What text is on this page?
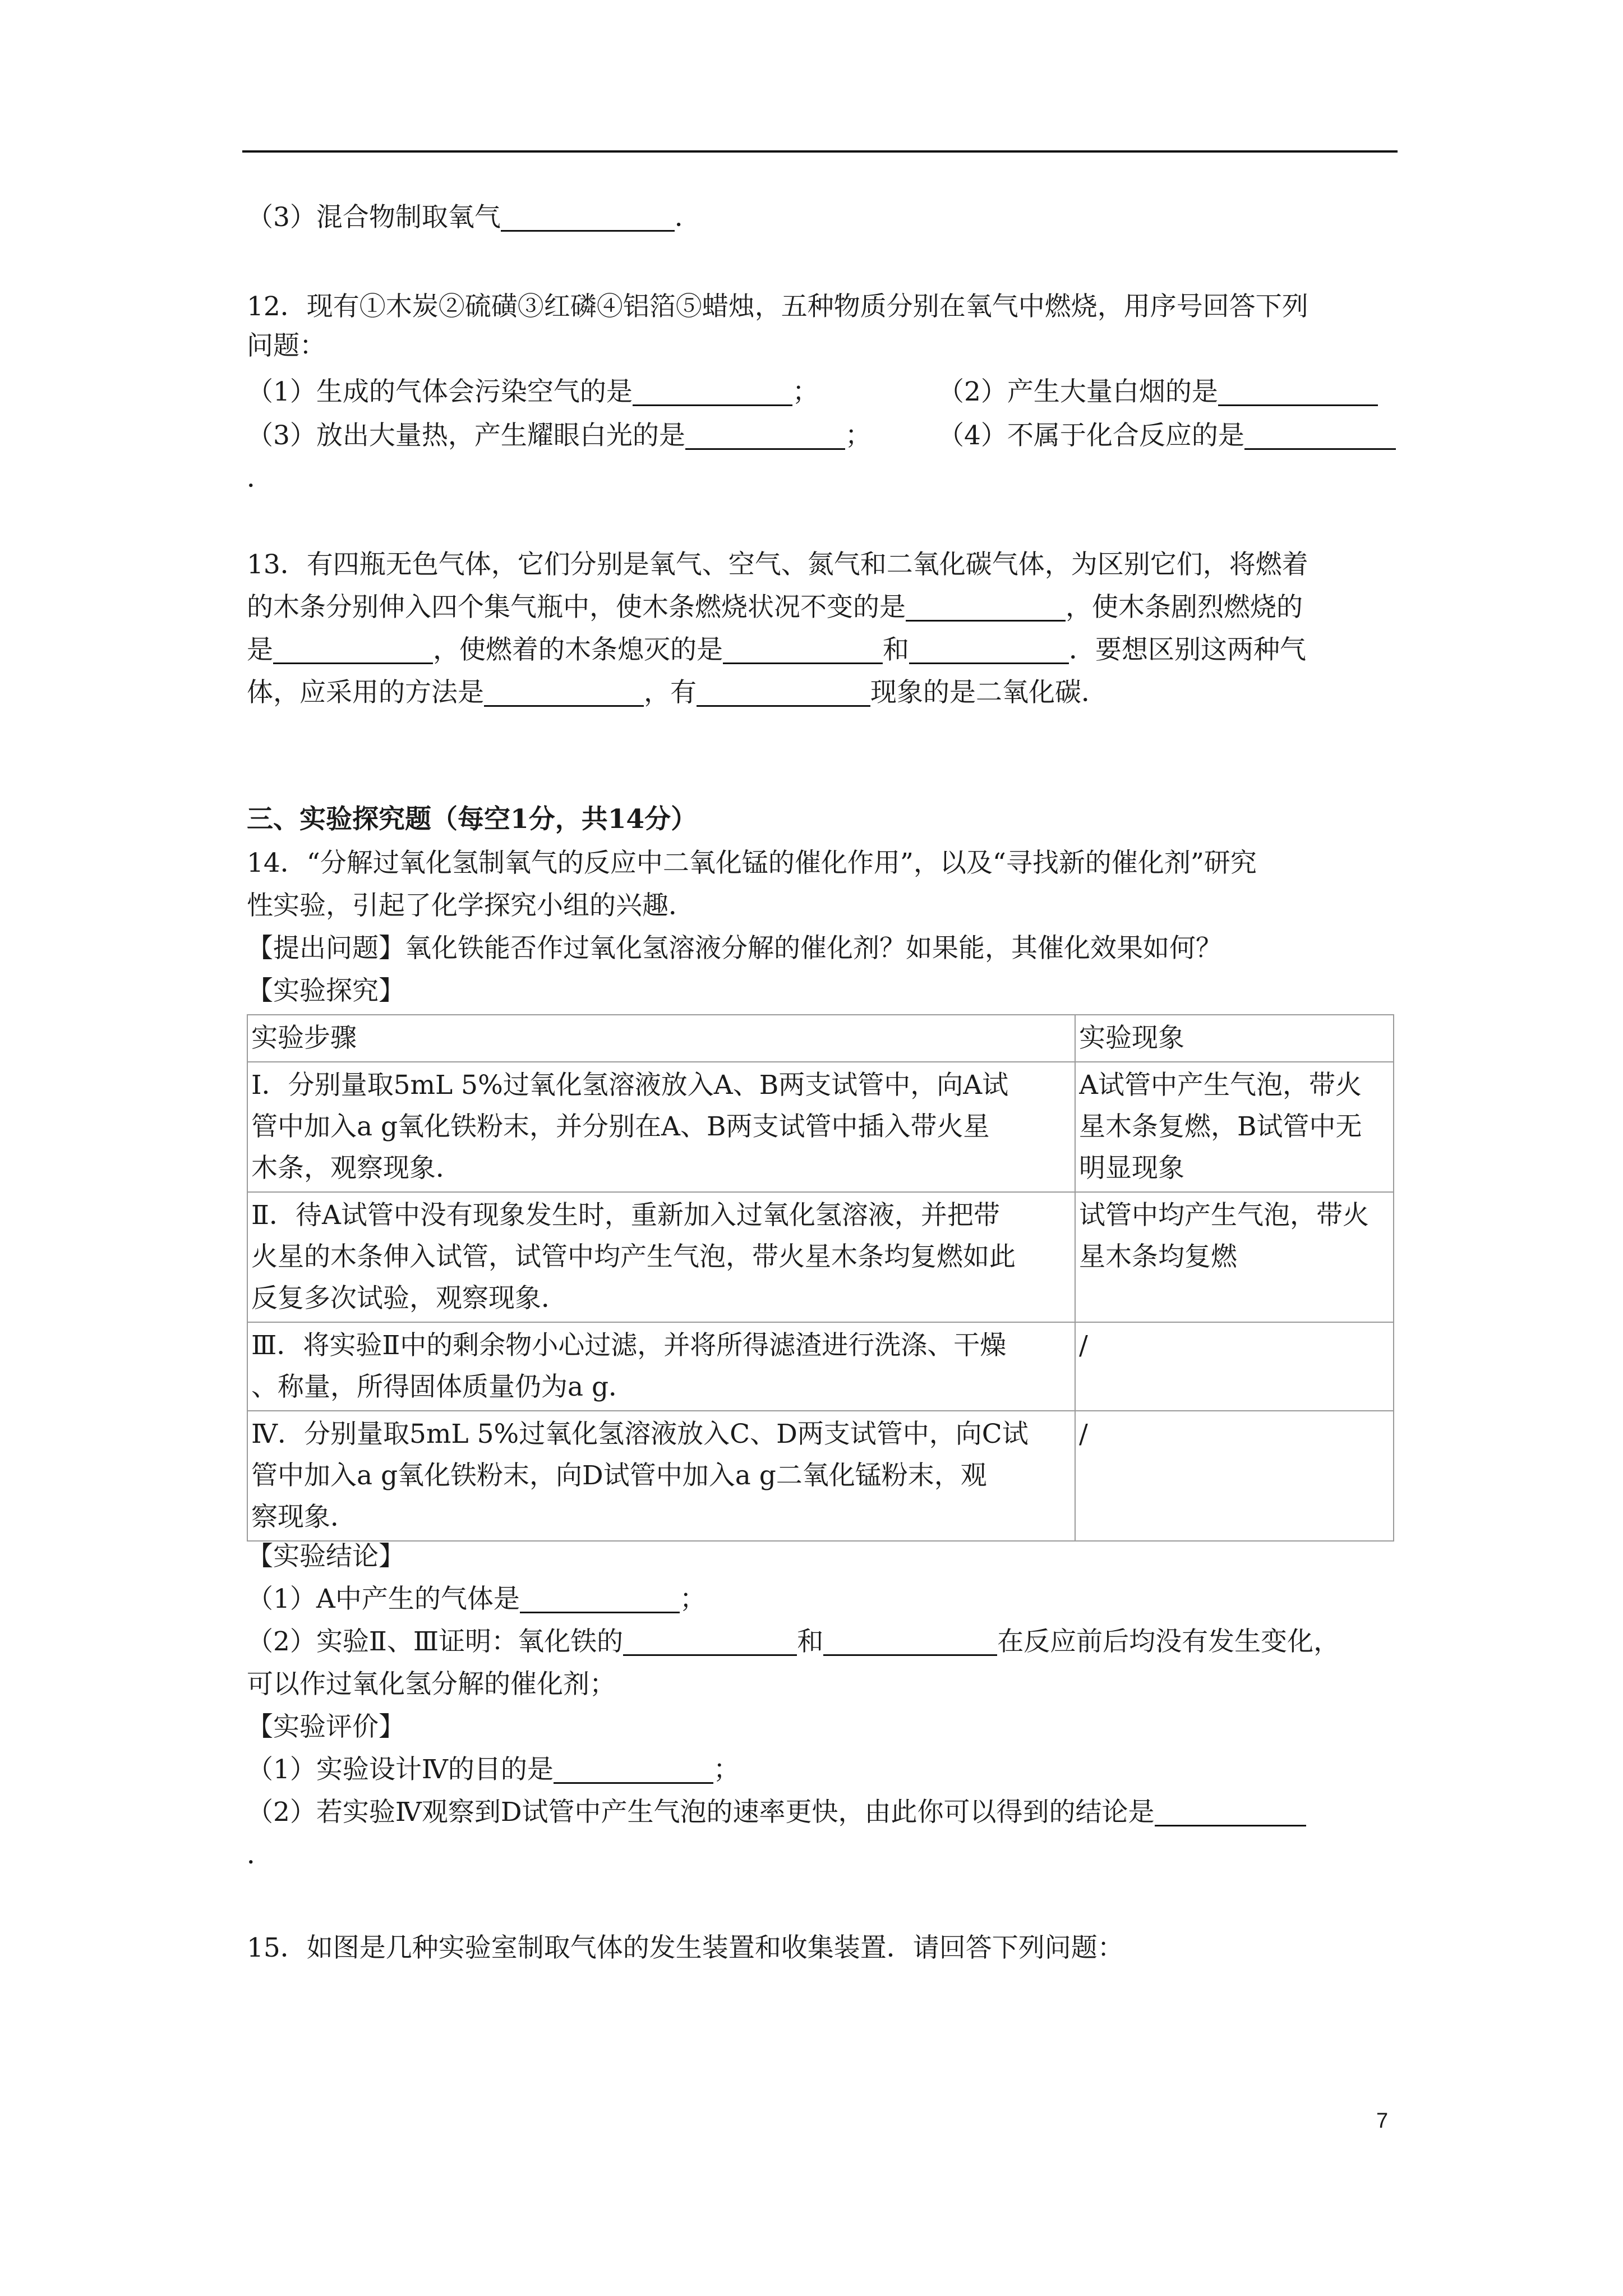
（3）混合物制取氧气	．
12．现有①木炭②硫磺③红磷④铝箔⑤蜡烛，五种物质分别在氧气中燃烧，用序号回答下列
问题：
（1）生成的气体会污染空气的是	；	（2）产生大量白烟的是
（3）放出大量热，产生耀眼白光的是	；	（4）不属于化合反应的是
．
13．有四瓶无色气体，它们分别是氧气、空气、氮气和二氧化碳气体，为区别它们，将燃着
的木条分别伸入四个集气瓶中，使木条燃烧状况不变的是	，使木条剧烈燃烧的
是	，使燃着的木条熄灭的是	和	．要想区别这两种气
体，应采用的方法是	，有	现象的是二氧化碳．
三、实验探究题（每空1分，共14分）
14．“分解过氧化氢制氧气的反应中二氧化锰的催化作用”，以及“寻找新的催化剂”研究
性实验，引起了化学探究小组的兴趣．
【提出问题】氧化铁能否作过氧化氢溶液分解的催化剂？如果能，其催化效果如何？
【实验探究】
实验步骤	实验现象

Ⅰ．分别量取5mL 5%过氧化氢溶液放入A、B两支试管中，向A试
管中加入a g氧化铁粉末，并分别在A、B两支试管中插入带火星
木条，观察现象．	A试管中产生气泡，带火
星木条复燃，B试管中无
明显现象

Ⅱ．待A试管中没有现象发生时，重新加入过氧化氢溶液，并把带
火星的木条伸入试管，试管中均产生气泡，带火星木条均复燃如此
反复多次试验，观察现象．	试管中均产生气泡，带火
星木条均复燃

Ⅲ．将实验Ⅱ中的剩余物小心过滤，并将所得滤渣进行洗涤、干燥
、称量，所得固体质量仍为a g．	/

Ⅳ．分别量取5mL 5%过氧化氢溶液放入C、D两支试管中，向C试
管中加入a g氧化铁粉末，向D试管中加入a g二氧化锰粉末，观
察现象．	/
【实验结论】
（1）A中产生的气体是	；
（2）实验Ⅱ、Ⅲ证明：氧化铁的	和	在反应前后均没有发生变化，
可以作过氧化氢分解的催化剂；
【实验评价】
（1）实验设计Ⅳ的目的是	；
（2）若实验Ⅳ观察到D试管中产生气泡的速率更快，由此你可以得到的结论是
．
15．如图是几种实验室制取气体的发生装置和收集装置．请回答下列问题：
7
